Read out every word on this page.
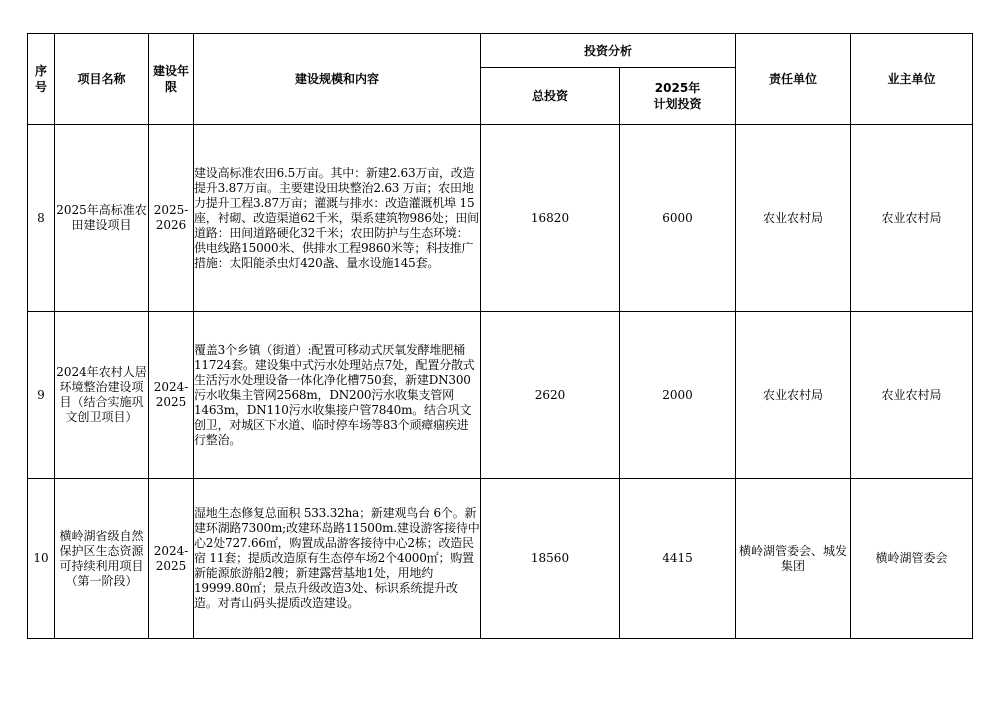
序
号	项目名称	建设年
限	建设规模和内容	投资分析		责任单位	业主单位
				总投资	2025年
计划投资		
8	2025年高标准农田建设项目	2025-
2026	建设高标准农田6.5万亩。其中：新建2.63万亩，改造提升3.87万亩。主要建设田块整治2.63 万亩；农田地力提升工程3.87万亩；灌溉与排水：改造灌溉机埠 15 座，衬砌、改造渠道62千米，渠系建筑物986处；田间道路：田间道路硬化32千米；农田防护与生态环境：供电线路15000米、供排水工程9860米等；科技推广措施：太阳能杀虫灯420盏、量水设施145套。	16820	6000	农业农村局	农业农村局
9	2024年农村人居环境整治建设项目（结合实施巩文创卫项目）	2024-
2025	覆盖3个乡镇（街道）:配置可移动式厌氧发酵堆肥桶11724套。建设集中式污水处理站点7处，配置分散式生活污水处理设备一体化净化槽750套，新建DN300污水收集主管网2568m，DN200污水收集支管网1463m，DN110污水收集接户管7840m。结合巩文创卫，对城区下水道、临时停车场等83个顽瘴痼疾进行整治。	2620	2000	农业农村局	农业农村局
10	横岭湖省级自然保护区生态资源可持续利用项目（第一阶段）	2024-
2025	湿地生态修复总面积 533.32ha；新建观鸟台 6个。新建环湖路7300m;改建环岛路11500m.建设游客接待中心2处727.66㎡，购置成品游客接待中心2栋；改造民宿 11套；提质改造原有生态停车场2个4000㎡；购置新能源旅游船2艘；新建露营基地1处，用地约19999.80㎡；景点升级改造3处、标识系统提升改造。对青山码头提质改造建设。	18560	4415	横岭湖管委会、城发集团	横岭湖管委会
